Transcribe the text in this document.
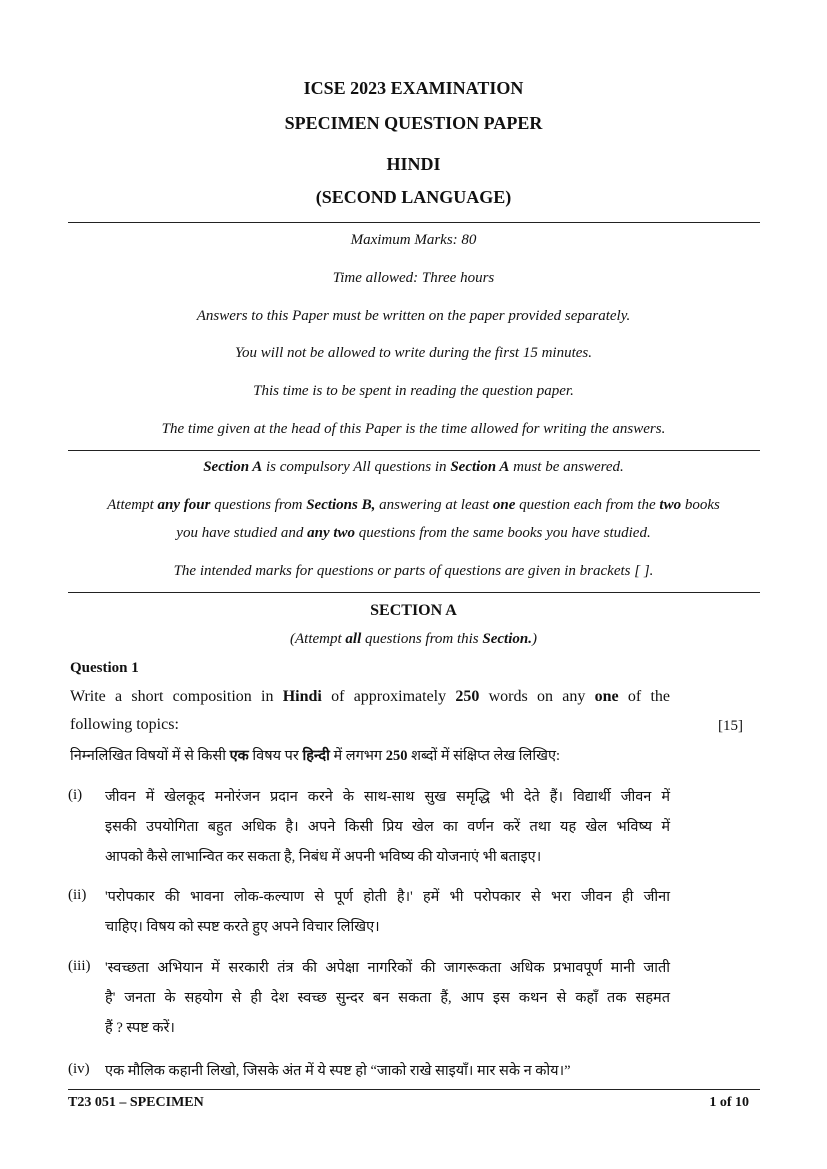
ICSE 2023 EXAMINATION
SPECIMEN QUESTION PAPER
HINDI
(SECOND LANGUAGE)
Maximum Marks: 80
Time allowed: Three hours
Answers to this Paper must be written on the paper provided separately.
You will not be allowed to write during the first 15 minutes.
This time is to be spent in reading the question paper.
The time given at the head of this Paper is the time allowed for writing the answers.
Section A is compulsory All questions in Section A must be answered.
Attempt any four questions from Sections B, answering at least one question each from the two books
you have studied and any two questions from the same books you have studied.
The intended marks for questions or parts of questions are given in brackets [ ].
SECTION A
(Attempt all questions from this Section.)
Question 1
Write a short composition in Hindi of approximately 250 words on any one of the
following topics:	[15]
निम्नलिखित विषयों में से किसी एक विषय पर हिन्दी में लगभग 250 शब्दों में संक्षिप्त लेख लिखिए:
(i) जीवन में खेलकूद मनोरंजन प्रदान करने के साथ-साथ सुख समृद्धि भी देते हैं। विद्यार्थी जीवन में
इसकी उपयोगिता बहुत अधिक है। अपने किसी प्रिय खेल का वर्णन करें तथा यह खेल भविष्य में
आपको कैसे लाभान्वित कर सकता है, निबंध में अपनी भविष्य की योजनाएं भी बताइए।
(ii) 'परोपकार की भावना लोक-कल्याण से पूर्ण होती है।' हमें भी परोपकार से भरा जीवन ही जीना
चाहिए। विषय को स्पष्ट करते हुए अपने विचार लिखिए।
(iii) 'स्वच्छता अभियान में सरकारी तंत्र की अपेक्षा नागरिकों की जागरूकता अधिक प्रभावपूर्ण मानी जाती
है' जनता के सहयोग से ही देश स्वच्छ सुन्दर बन सकता हैं, आप इस कथन से कहाँ तक सहमत
हैं ? स्पष्ट करें।
(iv) एक मौलिक कहानी लिखो, जिसके अंत में ये स्पष्ट हो “जाको राखे साइयाँ। मार सके न कोय।”
T23 051 – SPECIMEN	1 of 10
